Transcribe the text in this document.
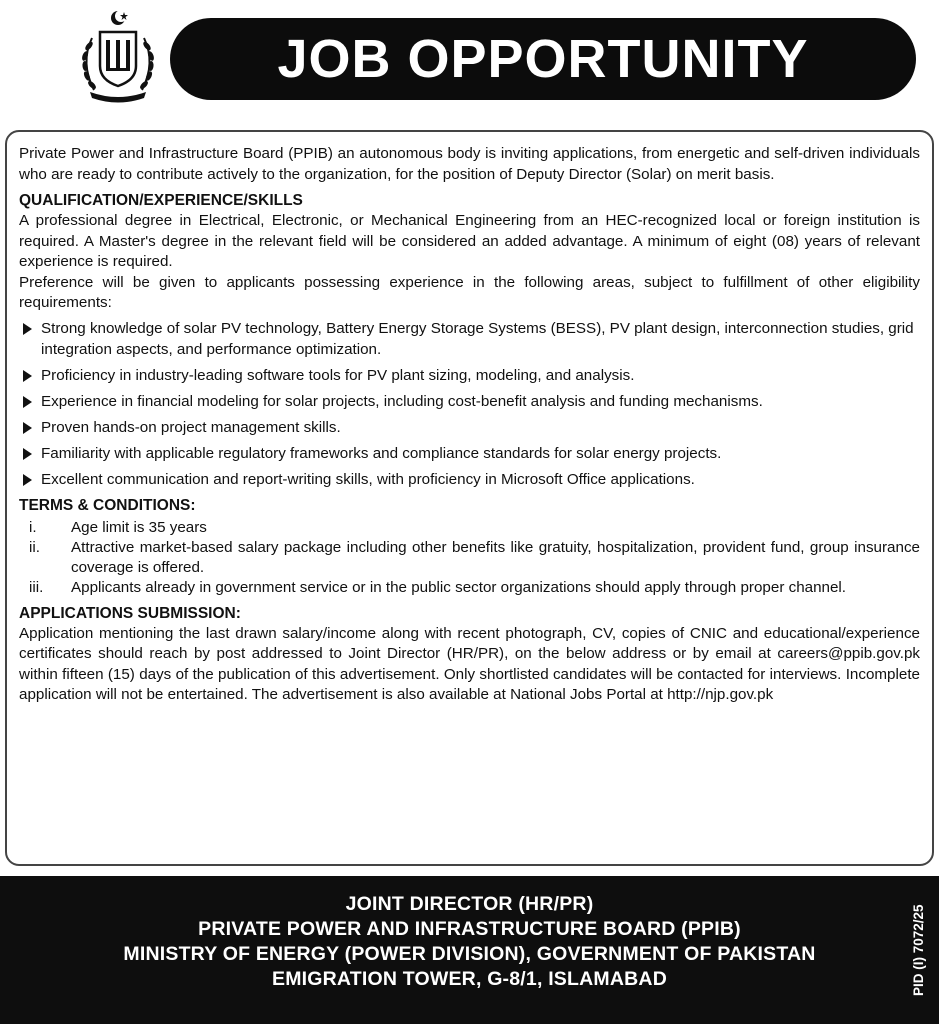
JOB OPPORTUNITY

Private Power and Infrastructure Board (PPIB) an autonomous body is inviting applications, from energetic and self-driven individuals who are ready to contribute actively to the organization, for the position of Deputy Director (Solar) on merit basis.

QUALIFICATION/EXPERIENCE/SKILLS

A professional degree in Electrical, Electronic, or Mechanical Engineering from an HEC-recognized local or foreign institution is required. A Master's degree in the relevant field will be considered an added advantage. A minimum of eight (08) years of relevant experience is required.

Preference will be given to applicants possessing experience in the following areas, subject to fulfillment of other eligibility requirements:

Strong knowledge of solar PV technology, Battery Energy Storage Systems (BESS), PV plant design, interconnection studies, grid integration aspects, and performance optimization.
Proficiency in industry-leading software tools for PV plant sizing, modeling, and analysis.
Experience in financial modeling for solar projects, including cost-benefit analysis and funding mechanisms.
Proven hands-on project management skills.
Familiarity with applicable regulatory frameworks and compliance standards for solar energy projects.
Excellent communication and report-writing skills, with proficiency in Microsoft Office applications.
TERMS & CONDITIONS:
i.	Age limit is 35 years
ii.	Attractive market-based salary package including other benefits like gratuity, hospitalization, provident fund, group insurance coverage is offered.
iii.	Applicants already in government service or in the public sector organizations should apply through proper channel.
APPLICATIONS SUBMISSION:

Application mentioning the last drawn salary/income along with recent photograph, CV, copies of CNIC and educational/experience certificates should reach by post addressed to Joint Director (HR/PR), on the below address or by email at careers@ppib.gov.pk within fifteen (15) days of the publication of this advertisement. Only shortlisted candidates will be contacted for interviews. Incomplete application will not be entertained. The advertisement is also available at National Jobs Portal at http://njp.gov.pk

JOINT DIRECTOR (HR/PR)
PRIVATE POWER AND INFRASTRUCTURE BOARD (PPIB)
MINISTRY OF ENERGY (POWER DIVISION), GOVERNMENT OF PAKISTAN
EMIGRATION TOWER, G-8/1, ISLAMABAD	PID (I) 7072/25
